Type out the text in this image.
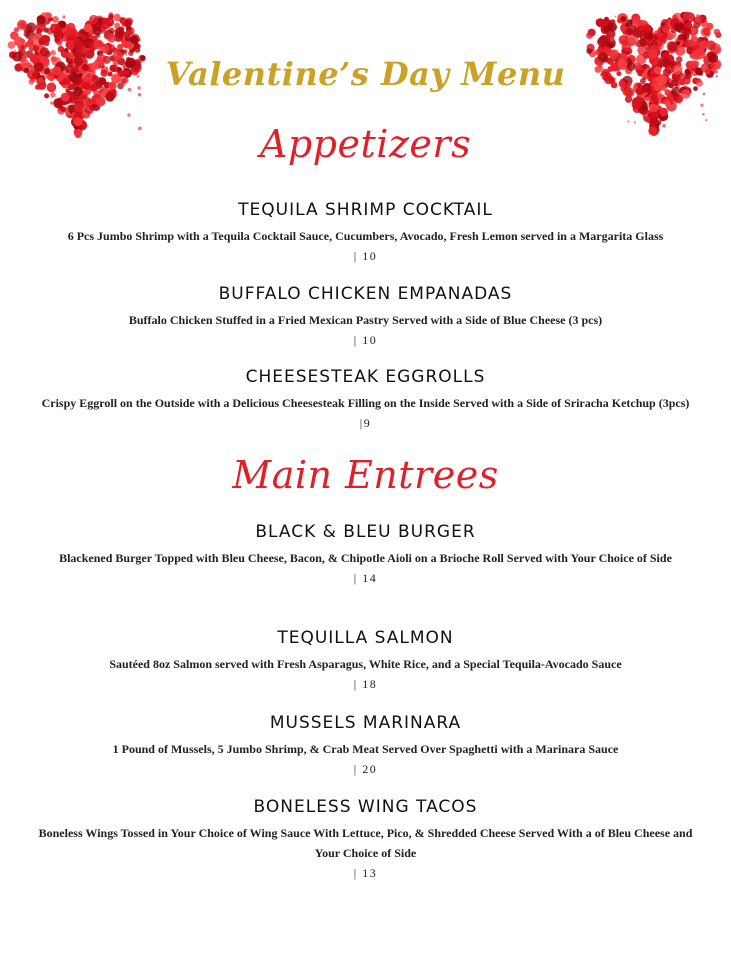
Valentine’s Day Menu
Appetizers
TEQUILA SHRIMP COCKTAIL
6 Pcs Jumbo Shrimp with a Tequila Cocktail Sauce, Cucumbers, Avocado, Fresh Lemon served in a Margarita Glass
| 10
BUFFALO CHICKEN EMPANADAS
Buffalo Chicken Stuffed in a Fried Mexican Pastry Served with a Side of Blue Cheese (3 pcs)
| 10
CHEESESTEAK EGGROLLS
Crispy Eggroll on the Outside with a Delicious Cheesesteak Filling on the Inside Served with a Side of Sriracha Ketchup (3pcs)
|9
Main Entrees
BLACK & BLEU BURGER
Blackened Burger Topped with Bleu Cheese, Bacon, & Chipotle Aioli on a Brioche Roll Served with Your Choice of Side
| 14
TEQUILLA SALMON
Sautéed 8oz Salmon served with Fresh Asparagus, White Rice, and a Special Tequila-Avocado Sauce
| 18
MUSSELS MARINARA
1 Pound of Mussels, 5 Jumbo Shrimp, & Crab Meat Served Over Spaghetti with a Marinara Sauce
| 20
BONELESS WING TACOS
Boneless Wings Tossed in Your Choice of Wing Sauce With Lettuce, Pico, & Shredded Cheese Served With a of Bleu Cheese and Your Choice of Side
| 13
